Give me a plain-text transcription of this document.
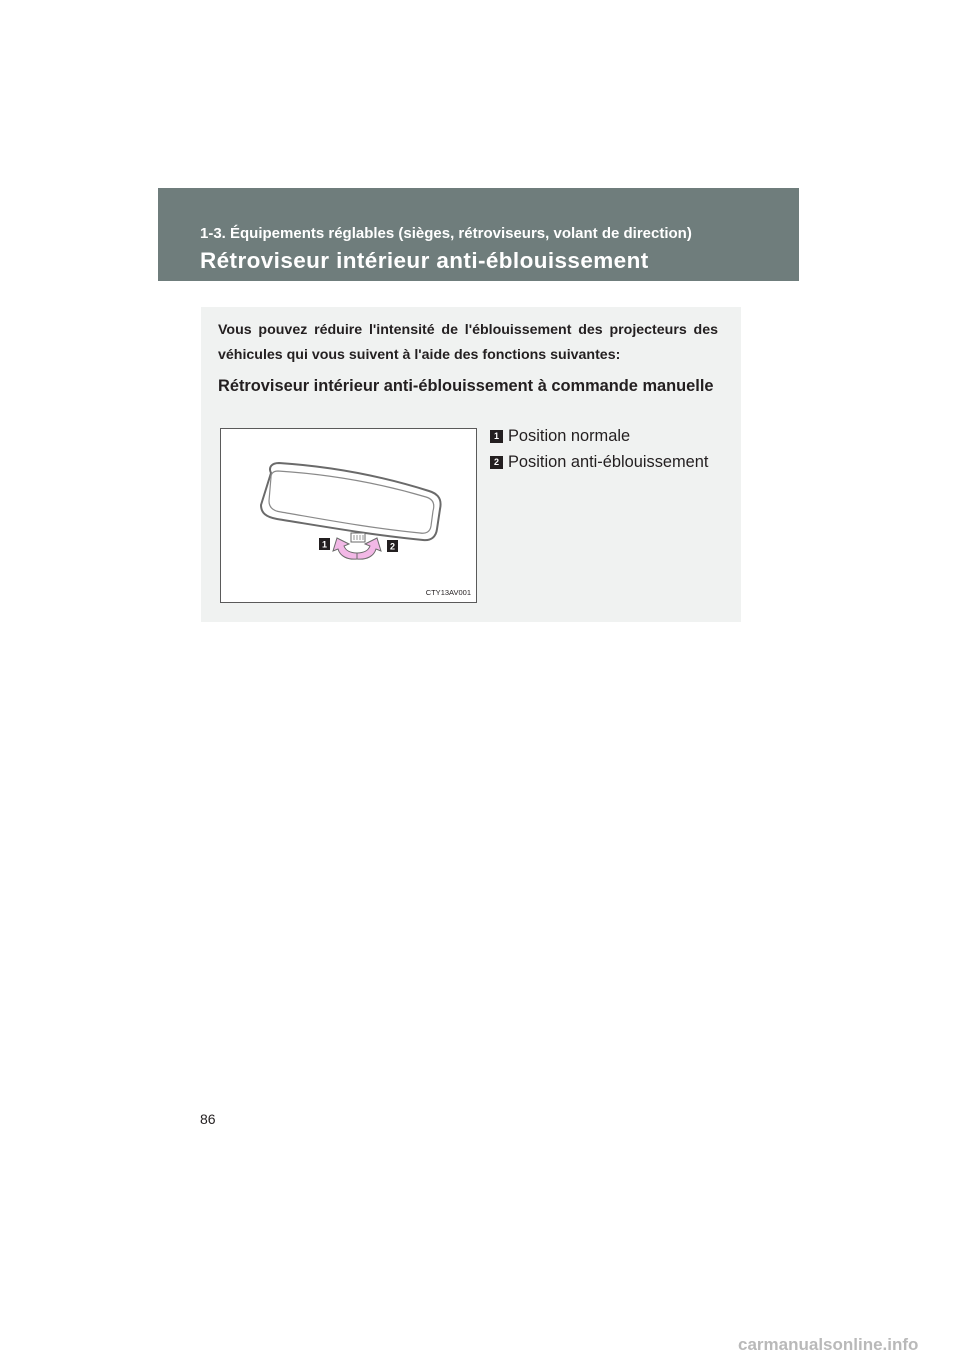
1-3. Équipements réglables (sièges, rétroviseurs, volant de direction)
Rétroviseur intérieur anti-éblouissement

Vous pouvez réduire l'intensité de l'éblouissement des projecteurs des véhicules qui vous suivent à l'aide des fonctions suivantes:

Rétroviseur intérieur anti-éblouissement à commande manuelle
1	2
CTY13AV001
1 Position normale
2 Position anti-éblouissement
86
carmanualsonline.info
